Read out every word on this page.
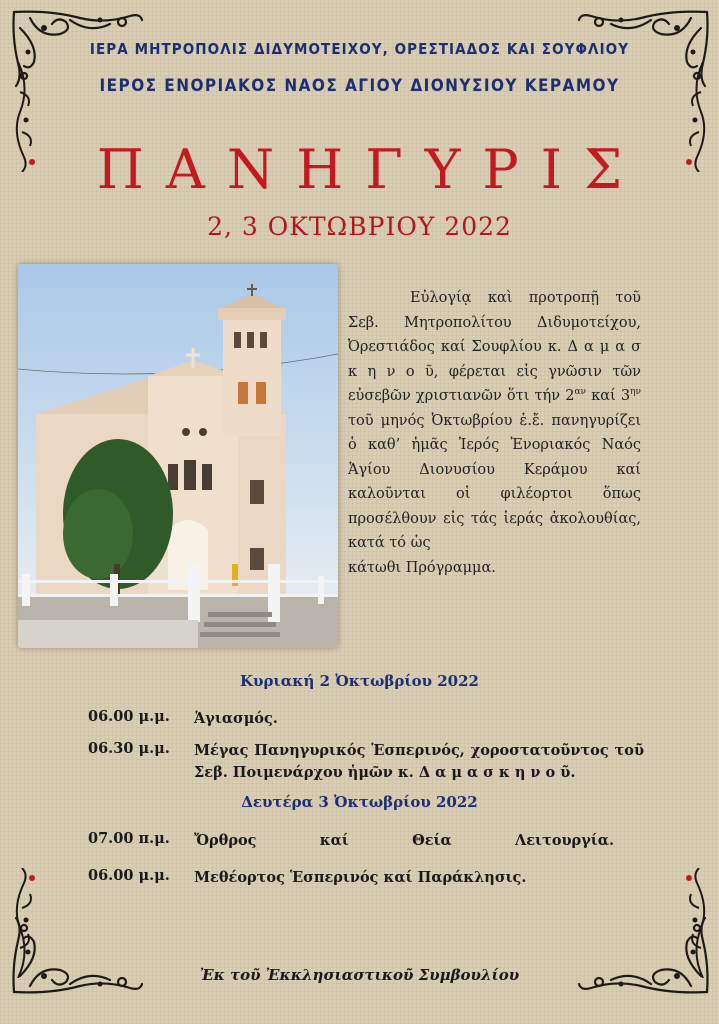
ΙΕΡΑ ΜΗΤΡΟΠΟΛΙΣ ΔΙΔΥΜΟΤΕΙΧΟΥ, ΟΡΕΣΤΙΑΔΟΣ ΚΑΙ ΣΟΥΦΛΙΟΥ
ΙΕΡΟΣ ΕΝΟΡΙΑΚΟΣ ΝΑΟΣ ΑΓΙΟΥ ΔΙΟΝΥΣΙΟΥ ΚΕΡΑΜΟΥ
ΠΑΝΗΓΥΡΙΣ
2, 3 ΟΚΤΩΒΡΙΟΥ 2022

Εὐλογίᾳ καὶ προτροπῇ τοῦ Σεβ. Μητροπολίτου Διδυμοτείχου, Ὀρεστιάδος καί Σουφλίου κ. Δ α μ α σ κ η ν ο ῦ, φέρεται εἰς γνῶσιν τῶν εὐσεβῶν χριστιανῶν ὅτι τήν $2^{\alpha\nu}$ καί $3^{\eta\nu}$ τοῦ μηνός Ὀκτωβρίου ἐ.ἔ. πανηγυρίζει ὁ καθ’ ἡμᾶς Ἱερός Ἐνοριακός Ναός Ἁγίου Διονυσίου Κεράμου καί καλοῦνται οἱ φιλέορτοι ὅπως προσέλθουν εἰς τάς ἱεράς ἀκολουθίας, κατά τό ὡς

κάτωθι Πρόγραμμα.

Κυριακή 2 Ὀκτωβρίου 2022
06.00 μ.μ. Ἁγιασμός.
06.30 μ.μ. Μέγας Πανηγυρικός Ἑσπερινός, χοροστατοῦντος τοῦ
Σεβ. Ποιμενάρχου ἡμῶν κ. Δ α μ α σ κ η ν ο ῦ.
Δευτέρα 3 Ὀκτωβρίου 2022
07.00 π.μ. Ὄρθρος καί Θεία Λειτουργία.
06.00 μ.μ. Μεθέορτος Ἑσπερινός καί Παράκλησις.
Ἐκ τοῦ Ἐκκλησιαστικοῦ Συμβουλίου
